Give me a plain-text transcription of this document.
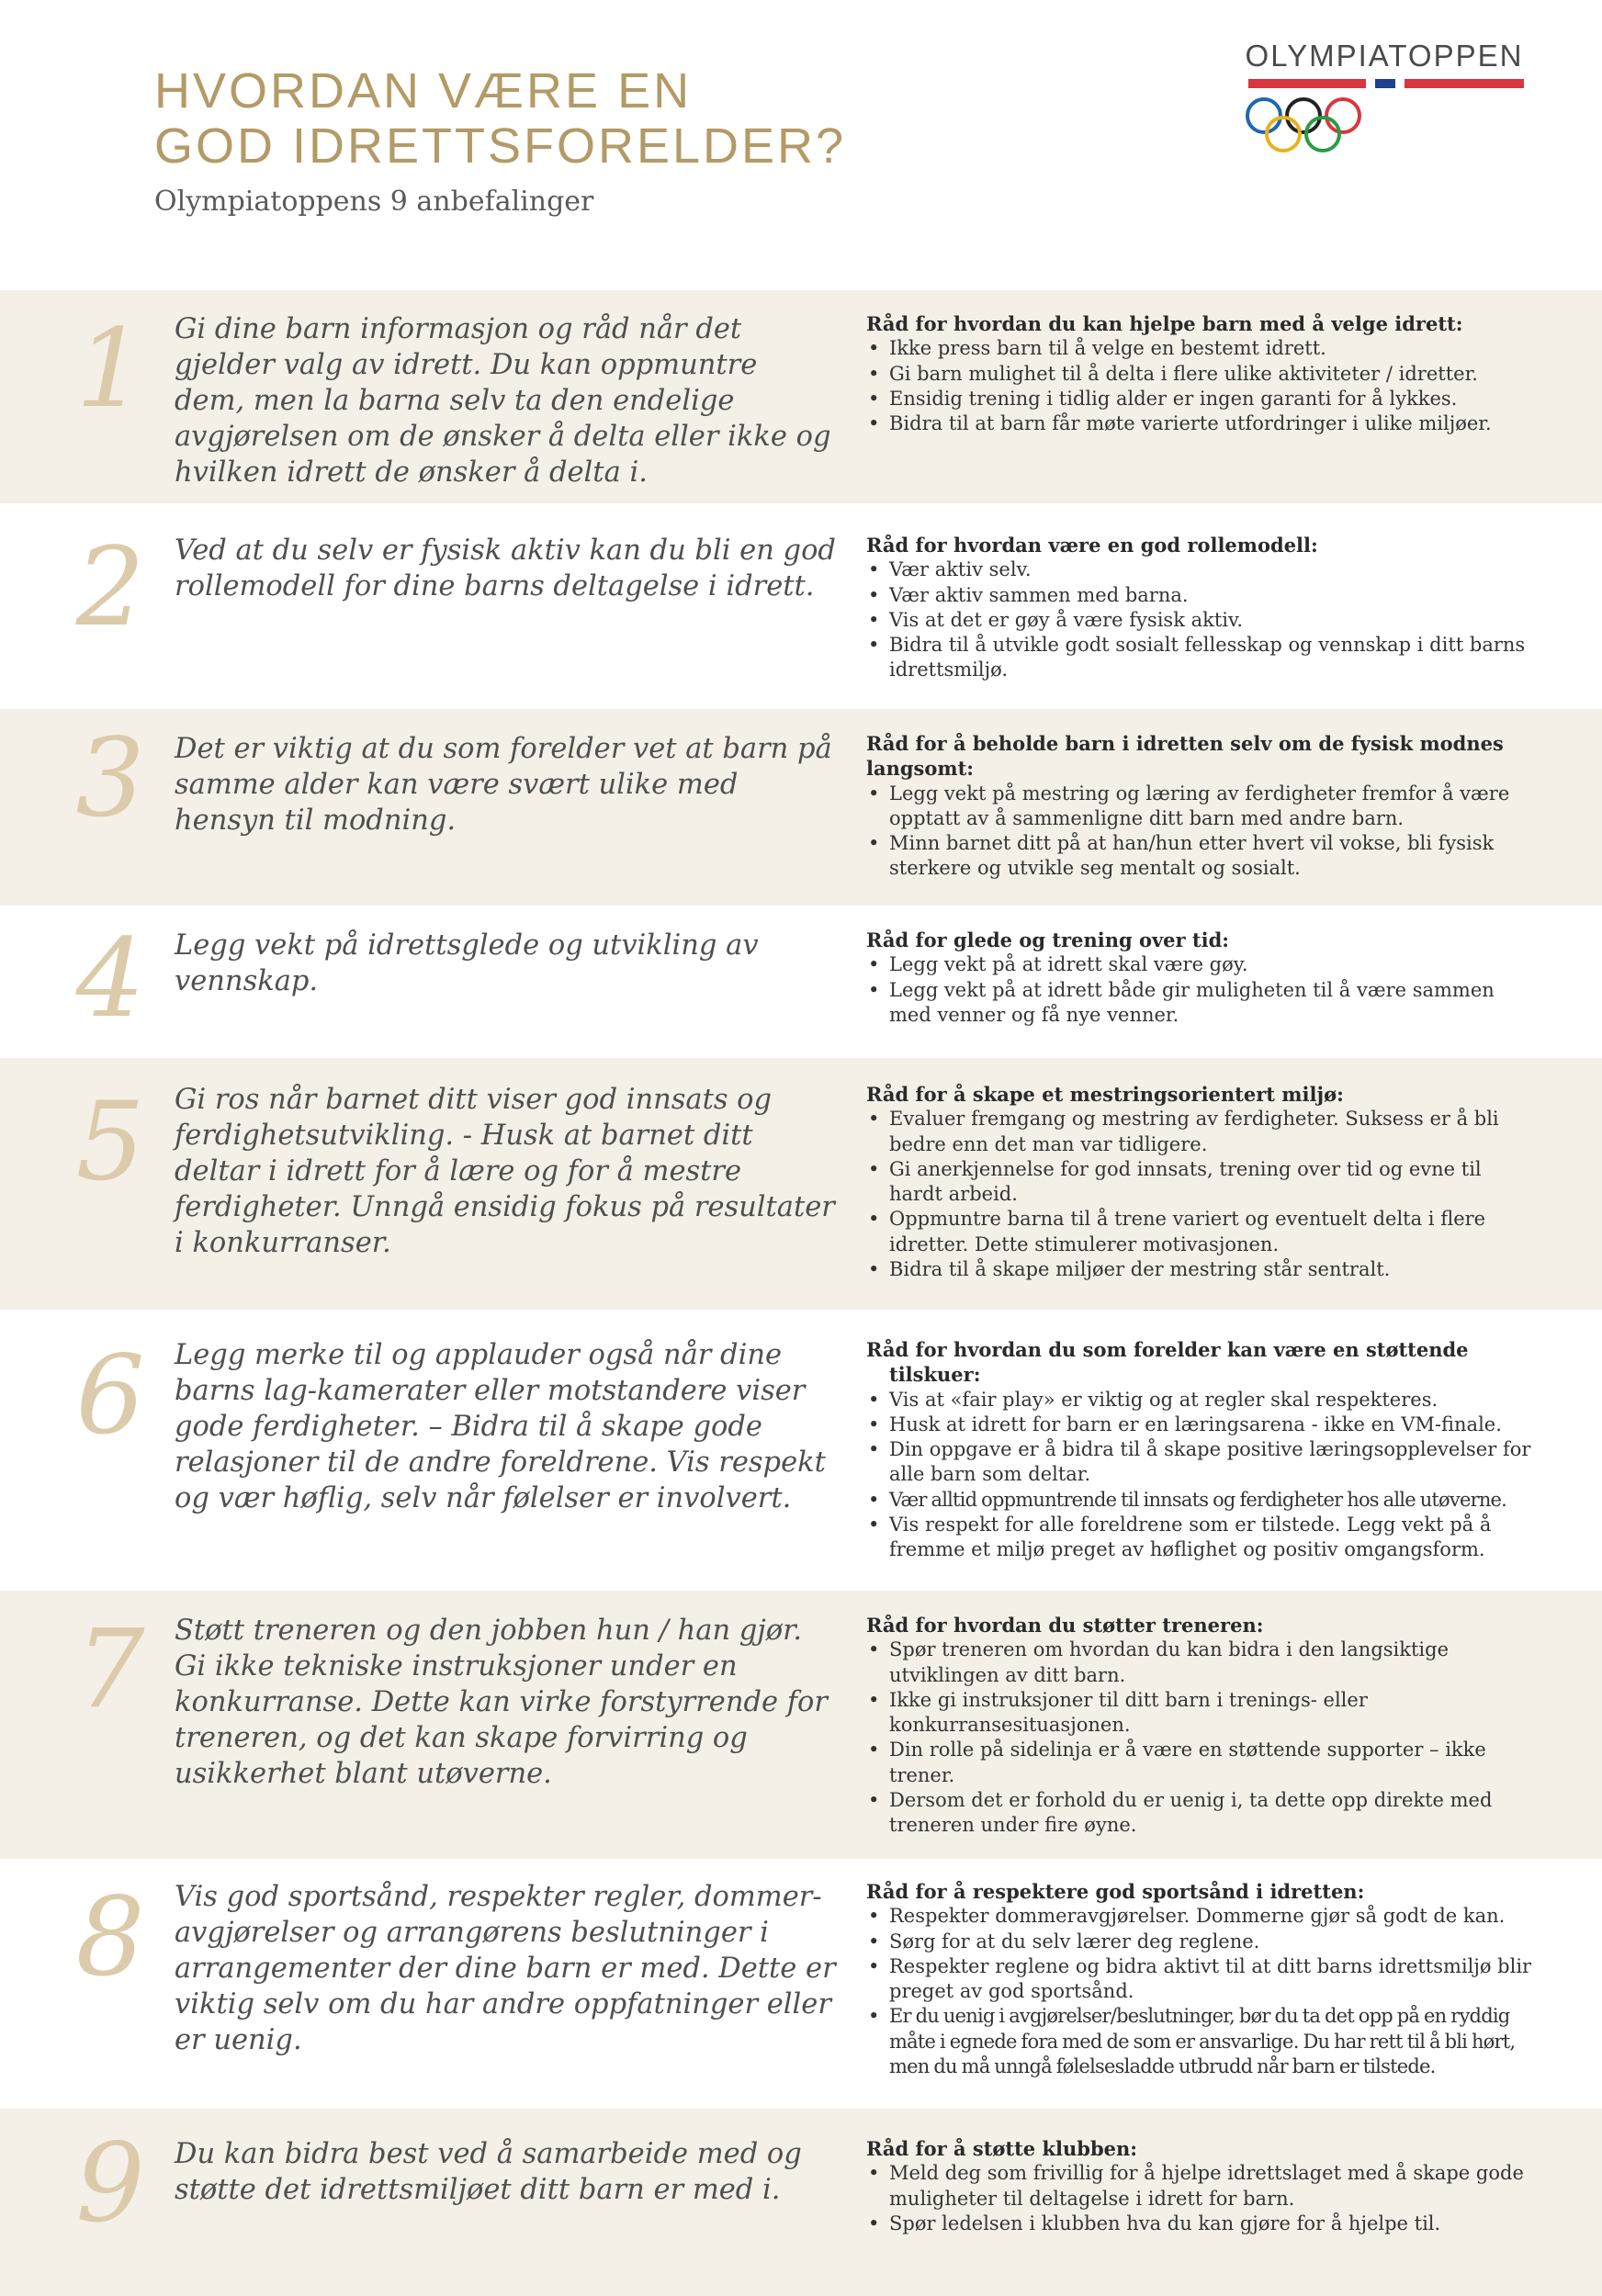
HVORDAN VÆRE EN
GOD IDRETTSFORELDER?
Olympiatoppens 9 anbefalinger
OLYMPIATOPPEN
1	Gi dine barn informasjon og råd når det gjelder valg av idrett. Du kan oppmuntre dem, men la barna selv ta den endelige avgjørelsen om de ønsker å delta eller ikke og hvilken idrett de ønsker å delta i.
Råd for hvordan du kan hjelpe barn med å velge idrett:
• Ikke press barn til å velge en bestemt idrett.
• Gi barn mulighet til å delta i flere ulike aktiviteter / idretter.
• Ensidig trening i tidlig alder er ingen garanti for å lykkes.
• Bidra til at barn får møte varierte utfordringer i ulike miljøer.
2	Ved at du selv er fysisk aktiv kan du bli en god rollemodell for dine barns deltagelse i idrett.
Råd for hvordan være en god rollemodell:
• Vær aktiv selv.
• Vær aktiv sammen med barna.
• Vis at det er gøy å være fysisk aktiv.
• Bidra til å utvikle godt sosialt fellesskap og vennskap i ditt barns idrettsmiljø.
3	Det er viktig at du som forelder vet at barn på samme alder kan være svært ulike med hensyn til modning.
Råd for å beholde barn i idretten selv om de fysisk modnes langsomt:
• Legg vekt på mestring og læring av ferdigheter fremfor å være opptatt av å sammenligne ditt barn med andre barn.
• Minn barnet ditt på at han/hun etter hvert vil vokse, bli fysisk sterkere og utvikle seg mentalt og sosialt.
4	Legg vekt på idrettsglede og utvikling av vennskap.
Råd for glede og trening over tid:
• Legg vekt på at idrett skal være gøy.
• Legg vekt på at idrett både gir muligheten til å være sammen med venner og få nye venner.
5	Gi ros når barnet ditt viser god innsats og ferdighetsutvikling. - Husk at barnet ditt deltar i idrett for å lære og for å mestre ferdigheter. Unngå ensidig fokus på resultater i konkurranser.
Råd for å skape et mestringsorientert miljø:
• Evaluer fremgang og mestring av ferdigheter. Suksess er å bli bedre enn det man var tidligere.
• Gi anerkjennelse for god innsats, trening over tid og evne til hardt arbeid.
• Oppmuntre barna til å trene variert og eventuelt delta i flere idretter. Dette stimulerer motivasjonen.
• Bidra til å skape miljøer der mestring står sentralt.
6	Legg merke til og applauder også når dine barns lag-kamerater eller motstandere viser gode ferdigheter. – Bidra til å skape gode relasjoner til de andre foreldrene. Vis respekt og vær høflig, selv når følelser er involvert.
Råd for hvordan du som forelder kan være en støttende tilskuer:
• Vis at «fair play» er viktig og at regler skal respekteres.
• Husk at idrett for barn er en læringsarena - ikke en VM-finale.
• Din oppgave er å bidra til å skape positive læringsopplevelser for alle barn som deltar.
• Vær alltid oppmuntrende til innsats og ferdigheter hos alle utøverne.
• Vis respekt for alle foreldrene som er tilstede. Legg vekt på å fremme et miljø preget av høflighet og positiv omgangsform.
7	Støtt treneren og den jobben hun / han gjør. Gi ikke tekniske instruksjoner under en konkurranse. Dette kan virke forstyrrende for treneren, og det kan skape forvirring og usikkerhet blant utøverne.
Råd for hvordan du støtter treneren:
• Spør treneren om hvordan du kan bidra i den langsiktige utviklingen av ditt barn.
• Ikke gi instruksjoner til ditt barn i trenings- eller konkurransesituasjonen.
• Din rolle på sidelinja er å være en støttende supporter – ikke trener.
• Dersom det er forhold du er uenig i, ta dette opp direkte med treneren under fire øyne.
8	Vis god sportsånd, respekter regler, dommer-avgjørelser og arrangørens beslutninger i arrangementer der dine barn er med. Dette er viktig selv om du har andre oppfatninger eller er uenig.
Råd for å respektere god sportsånd i idretten:
• Respekter dommeravgjørelser. Dommerne gjør så godt de kan.
• Sørg for at du selv lærer deg reglene.
• Respekter reglene og bidra aktivt til at ditt barns idrettsmiljø blir preget av god sportsånd.
• Er du uenig i avgjørelser/beslutninger, bør du ta det opp på en ryddig måte i egnede fora med de som er ansvarlige. Du har rett til å bli hørt, men du må unngå følelsesladde utbrudd når barn er tilstede.
9	Du kan bidra best ved å samarbeide med og støtte det idrettsmiljøet ditt barn er med i.
Råd for å støtte klubben:
• Meld deg som frivillig for å hjelpe idrettslaget med å skape gode muligheter til deltagelse i idrett for barn.
• Spør ledelsen i klubben hva du kan gjøre for å hjelpe til.
